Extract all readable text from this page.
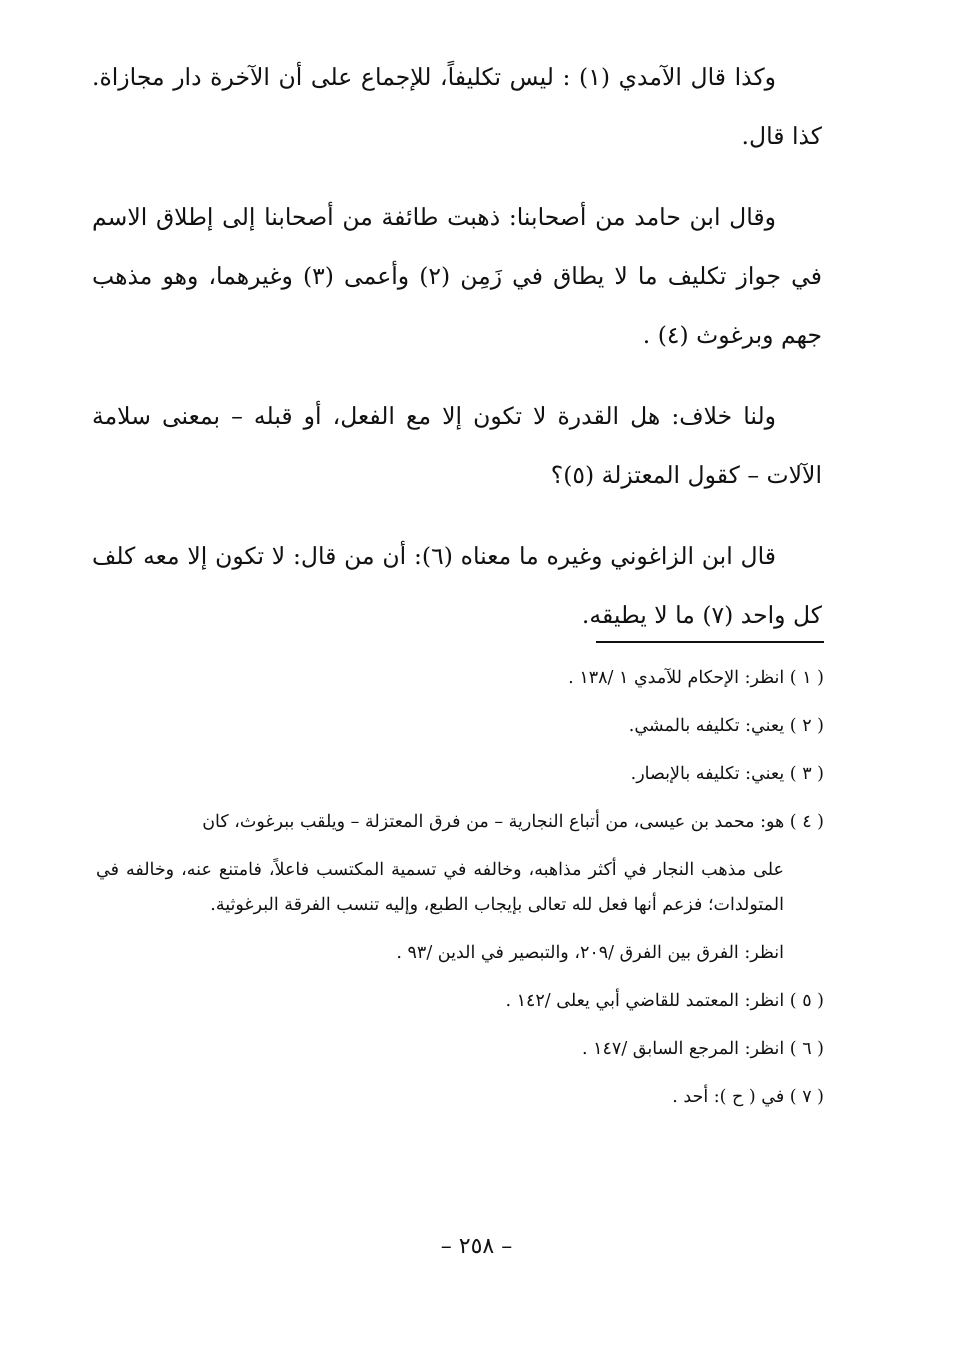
وكذا قال الآمدي (١) : ليس تكليفاً، للإجماع على أن الآخرة دار مجازاة. كذا قال.

وقال ابن حامد من أصحابنا: ذهبت طائفة من أصحابنا إلى إطلاق الاسم في جواز تكليف ما لا يطاق في زَمِن (٢) وأعمى (٣) وغيرهما، وهو مذهب جهم وبرغوث (٤) .

ولنا خلاف: هل القدرة لا تكون إلا مع الفعل، أو قبله – بمعنى سلامة الآلات – كقول المعتزلة (٥)؟

قال ابن الزاغوني وغيره ما معناه (٦): أن من قال: لا تكون إلا معه كلف كل واحد (٧) ما لا يطيقه.

( ١ ) انظر: الإحكام للآمدي ١ /١٣٨ .

( ٢ ) يعني: تكليفه بالمشي.

( ٣ ) يعني: تكليفه بالإبصار.

( ٤ ) هو: محمد بن عيسى، من أتباع النجارية – من فرق المعتزلة – ويلقب ببرغوث، كان

على مذهب النجار في أكثر مذاهبه، وخالفه في تسمية المكتسب فاعلاً، فامتنع عنه، وخالفه في المتولدات؛ فزعم أنها فعل لله تعالى بإيجاب الطبع، وإليه تنسب الفرقة البرغوثية.

انظر: الفرق بين الفرق /٢٠٩، والتبصير في الدين /٩٣ .

( ٥ ) انظر: المعتمد للقاضي أبي يعلى /١٤٢ .

( ٦ ) انظر: المرجع السابق /١٤٧ .

( ٧ ) في ( ح ): أحد .

– ٢٥٨ –
